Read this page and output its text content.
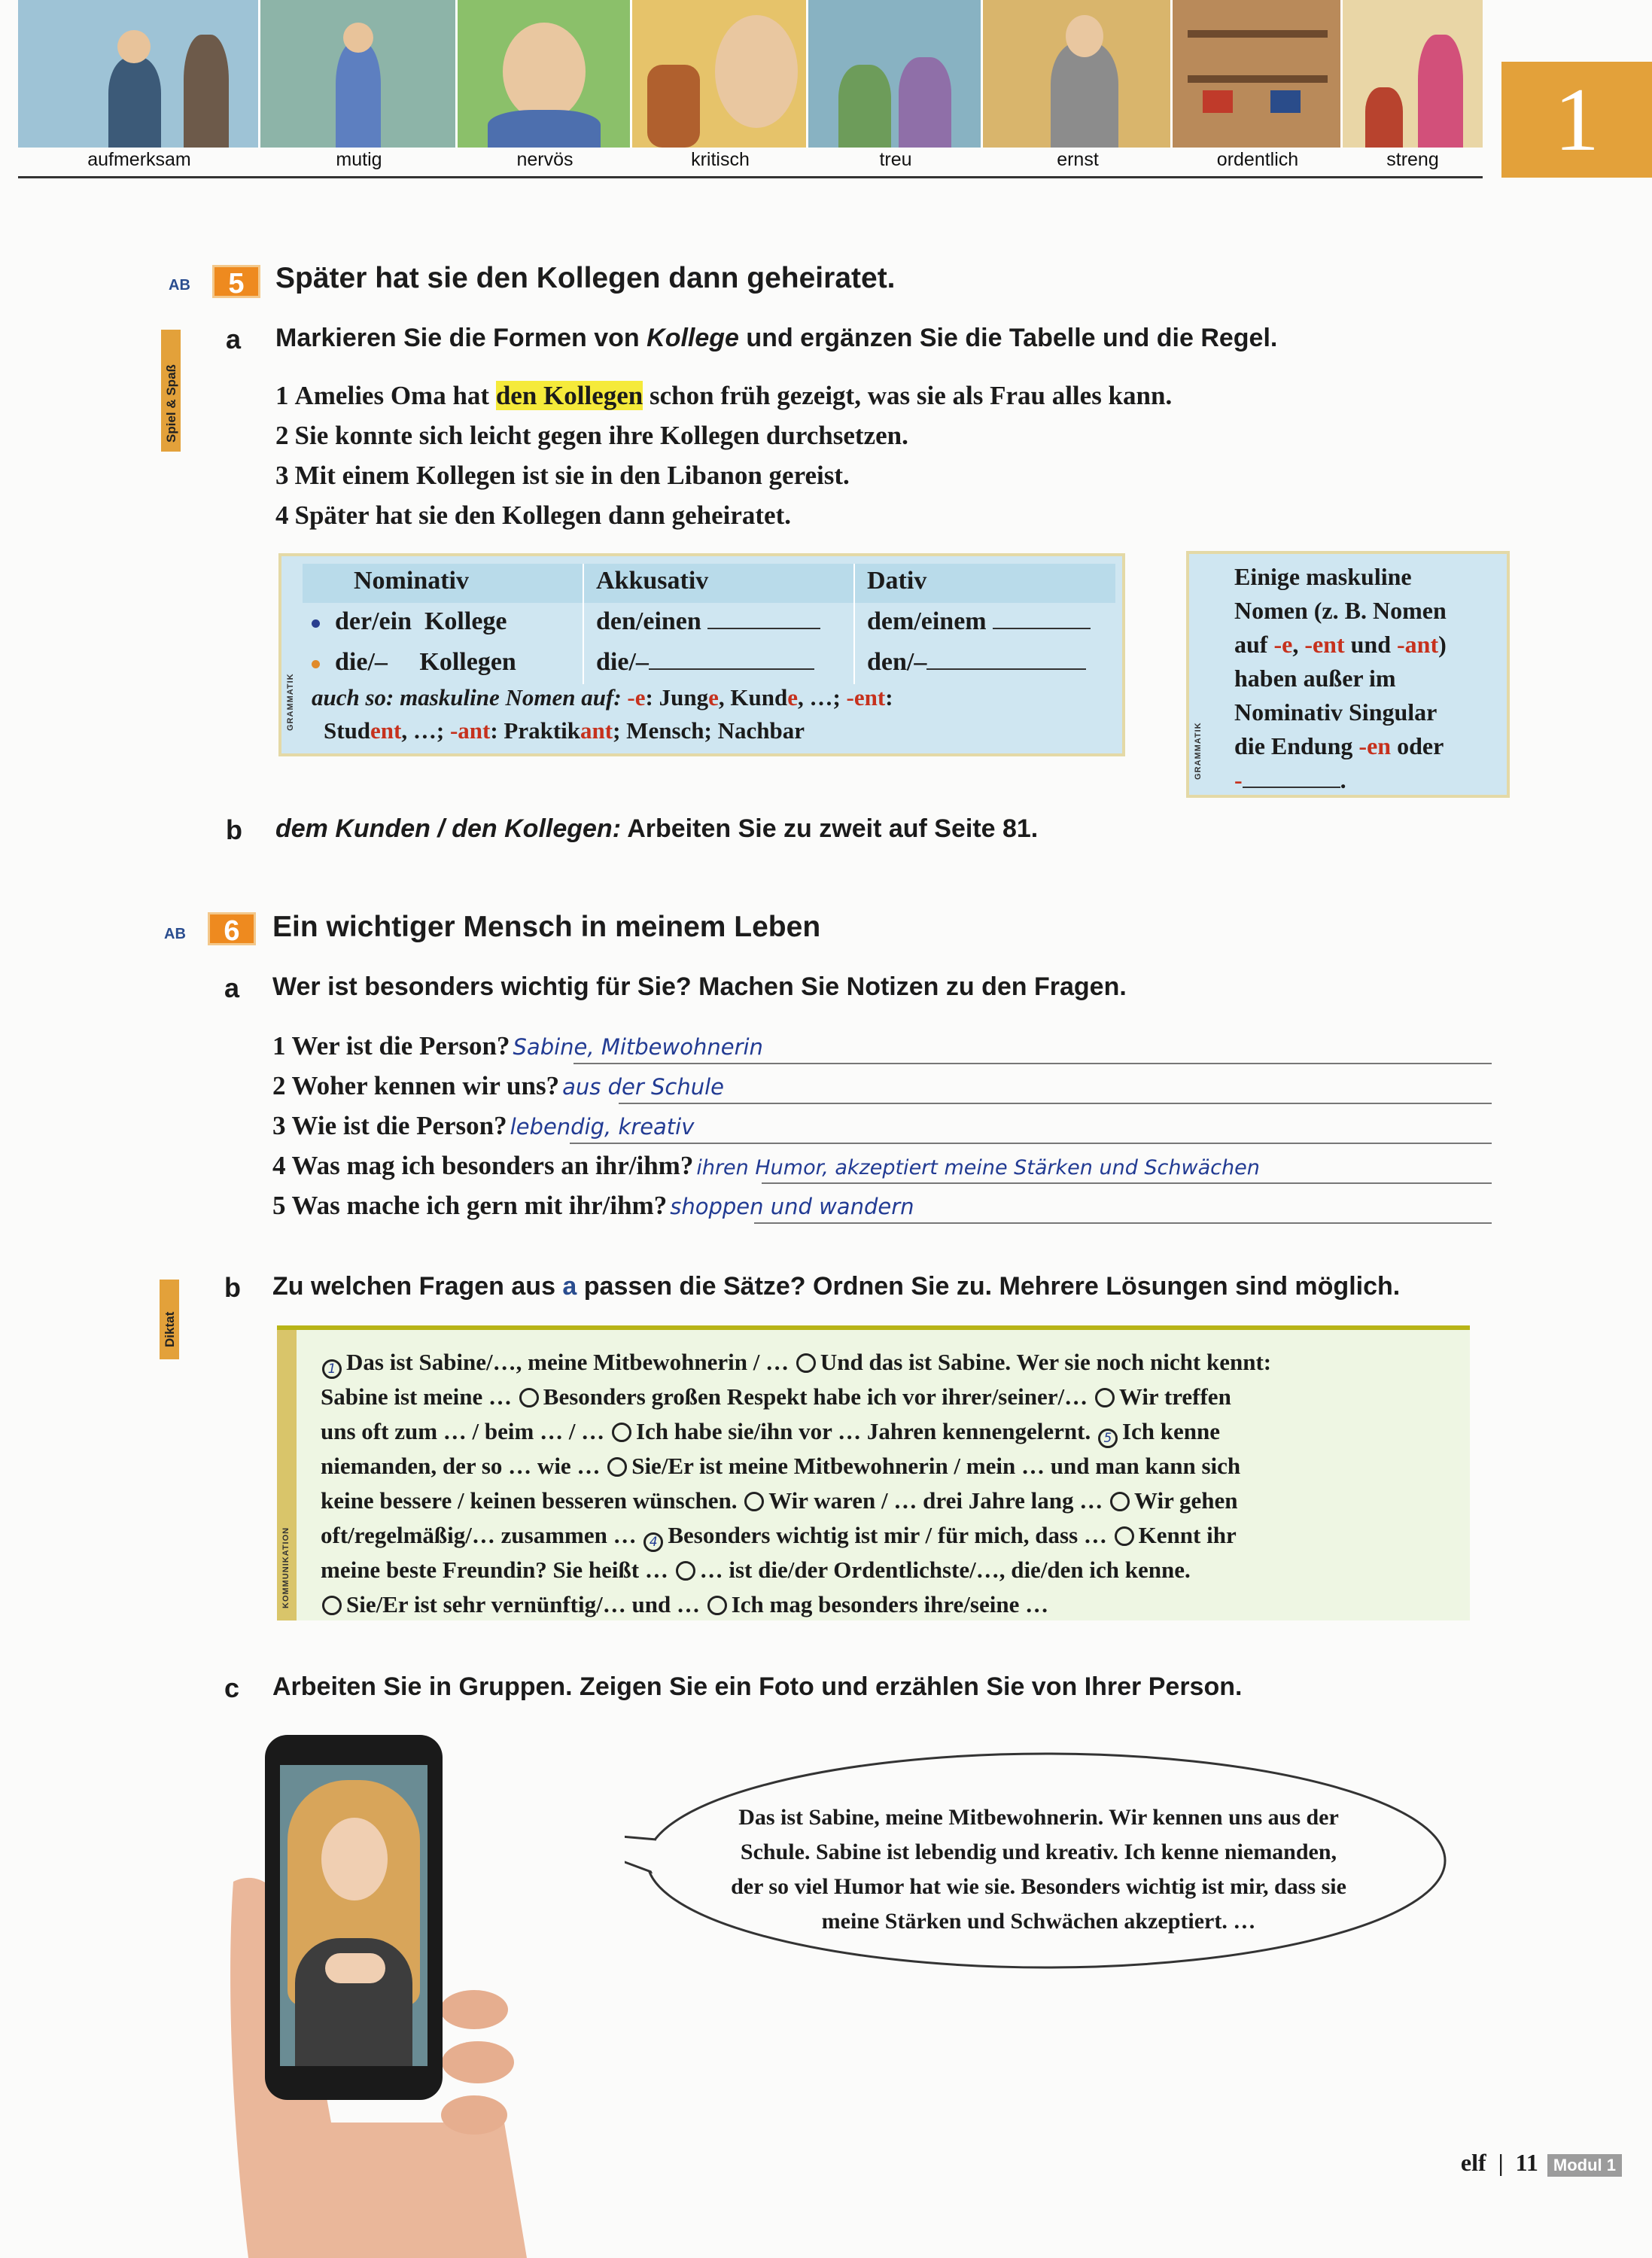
aufmerksam	mutig	nervös	kritisch	treu	ernst	ordentlich	streng	1
AB	5	Später hat sie den Kollegen dann geheiratet.
Spiel & Spaß
a Markieren Sie die Formen von Kollege und ergänzen Sie die Tabelle und die Regel.
1 Amelies Oma hat den Kollegen schon früh gezeigt, was sie als Frau alles kann.
2 Sie konnte sich leicht gegen ihre Kollegen durchsetzen.
3 Mit einem Kollegen ist sie in den Libanon gereist.
4 Später hat sie den Kollegen dann geheiratet.
GRAMMATIK
Nominativ	Akkusativ	Dativ
der/ein  Kollege	den/einen	dem/einem
die/–     Kollegen	die/–	den/–
auch so: maskuline Nomen auf: -e: Junge, Kunde, …; -ent:
Student, …; -ant: Praktikant; Mensch; Nachbar	GRAMMATIK
Einige maskuline
Nomen (z. B. Nomen
auf -e, -ent und -ant)
haben außer im
Nominativ Singular
die Endung -en oder
-	.
b dem Kunden / den Kollegen: Arbeiten Sie zu zweit auf Seite 81.
AB	6	Ein wichtiger Mensch in meinem Leben
a Wer ist besonders wichtig für Sie? Machen Sie Notizen zu den Fragen.
1 Wer ist die Person? Sabine, Mitbewohnerin
2 Woher kennen wir uns? aus der Schule
3 Wie ist die Person? lebendig, kreativ
4 Was mag ich besonders an ihr/ihm? ihren Humor, akzeptiert meine Stärken und Schwächen
5 Was mache ich gern mit ihr/ihm? shoppen und wandern
Diktat
b Zu welchen Fragen aus a passen die Sätze? Ordnen Sie zu. Mehrere Lösungen sind möglich.
1 Das ist Sabine/…, meine Mitbewohnerin / … Und das ist Sabine. Wer sie noch nicht kennt:
Sabine ist meine … Besonders großen Respekt habe ich vor ihrer/seiner/… Wir treffen
uns oft zum … / beim … / … Ich habe sie/ihn vor … Jahren kennengelernt. 5 Ich kenne
niemanden, der so … wie … Sie/Er ist meine Mitbewohnerin / mein … und man kann sich
keine bessere / keinen besseren wünschen. Wir waren / … drei Jahre lang … Wir gehen
oft/regelmäßig/… zusammen … 4 Besonders wichtig ist mir / für mich, dass … Kennt ihr
meine beste Freundin? Sie heißt … … ist die/der Ordentlichste/…, die/den ich kenne.
Sie/Er ist sehr vernünftig/… und … Ich mag besonders ihre/seine …
KOMMUNIKATION
c Arbeiten Sie in Gruppen. Zeigen Sie ein Foto und erzählen Sie von Ihrer Person.
Das ist Sabine, meine Mitbewohnerin. Wir kennen uns aus der
Schule. Sabine ist lebendig und kreativ. Ich kenne niemanden,
der so viel Humor hat wie sie. Besonders wichtig ist mir, dass sie
meine Stärken und Schwächen akzeptiert. …
elf | 11 Modul 1
